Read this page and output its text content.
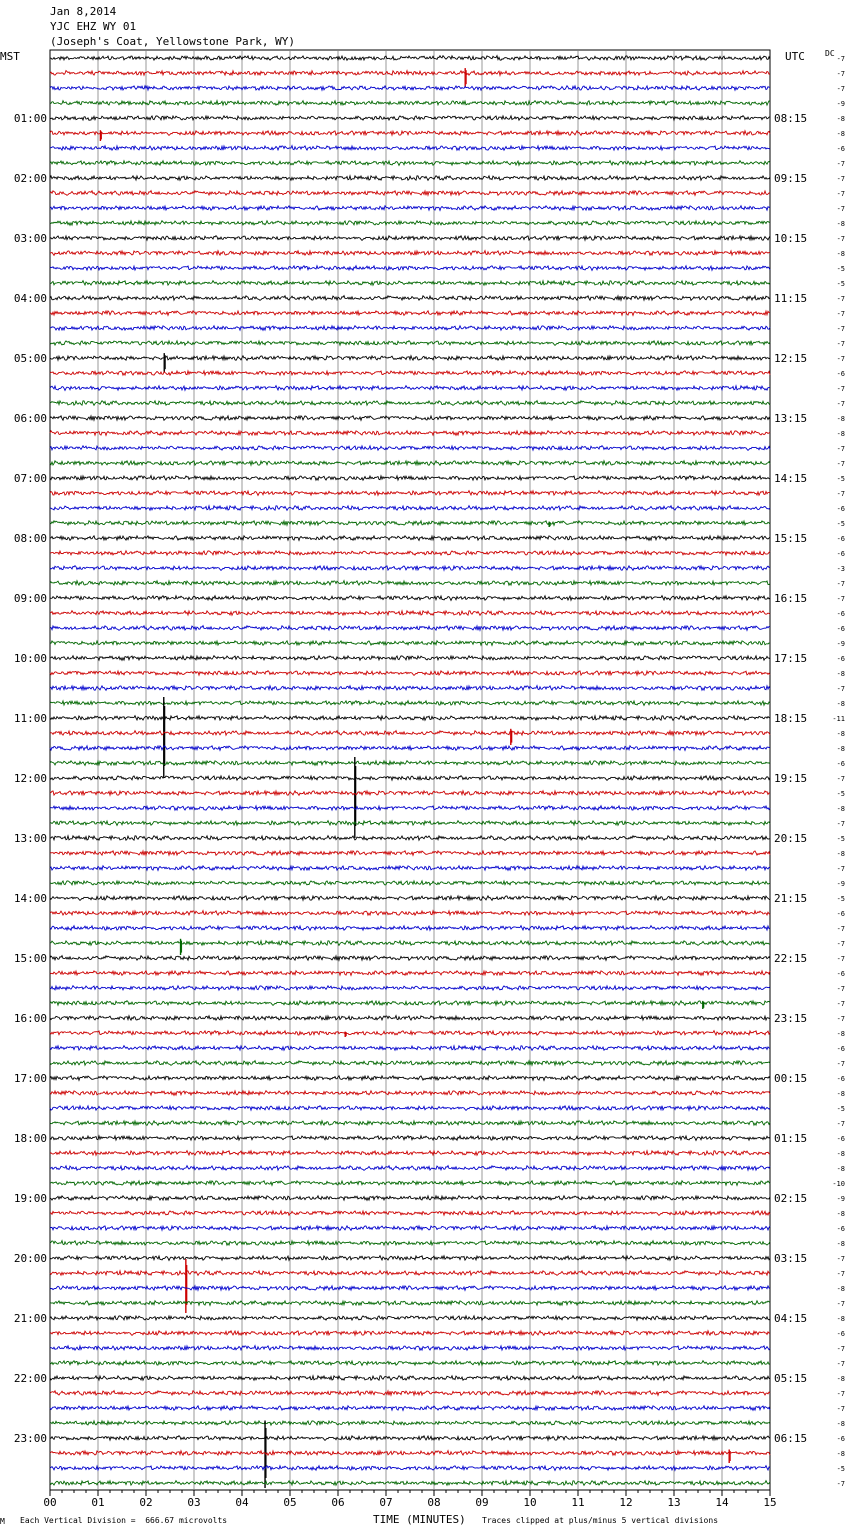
Jan 8,2014
YJC EHZ WY 01
(Joseph's Coat, Yellowstone Park, WY)
MST	UTC	DC
00	01	02	03	04	05	06	07	08	09	10	11	12	13	14	15
-7
-7
-7
-9
-8
-8
-6
-7
-7
-7
-7
-8
-7
-8
-5
-5
-7
-7
-7
-7
-7
-6
-7
-7
-8
-8
-7
-7
-5
-7
-6
-5
-6
-6
-3
-7
-7
-6
-6
-9
-6
-8
-7
-8
-11
-8
-8
-6
-7
-5
-8
-7
-5
-8
-7
-9
-5
-6
-7
-7
-7
-6
-7
-7
-7
-8
-6
-7
-6
-8
-5
-7
-6
-8
-8
-10
-9
-8
-6
-8
-7
-7
-8
-7
-8
-6
-7
-7
-8
-7
-7
-8
-6
-8
-5
-7
01:00
02:00
03:00
04:00
05:00
06:00
07:00
08:00
09:00
10:00
11:00
12:00
13:00
14:00
15:00
16:00
17:00
18:00
19:00
20:00
21:00
22:00
23:00
08:15
09:15
10:15
11:15
12:15
13:15
14:15
15:15
16:15
17:15
18:15
19:15
20:15
21:15
22:15
23:15
00:15
01:15
02:15
03:15
04:15
05:15
06:15
M Each Vertical Division =  666.67 microvolts	TIME (MINUTES) Traces clipped at plus/minus 5 vertical divisions
